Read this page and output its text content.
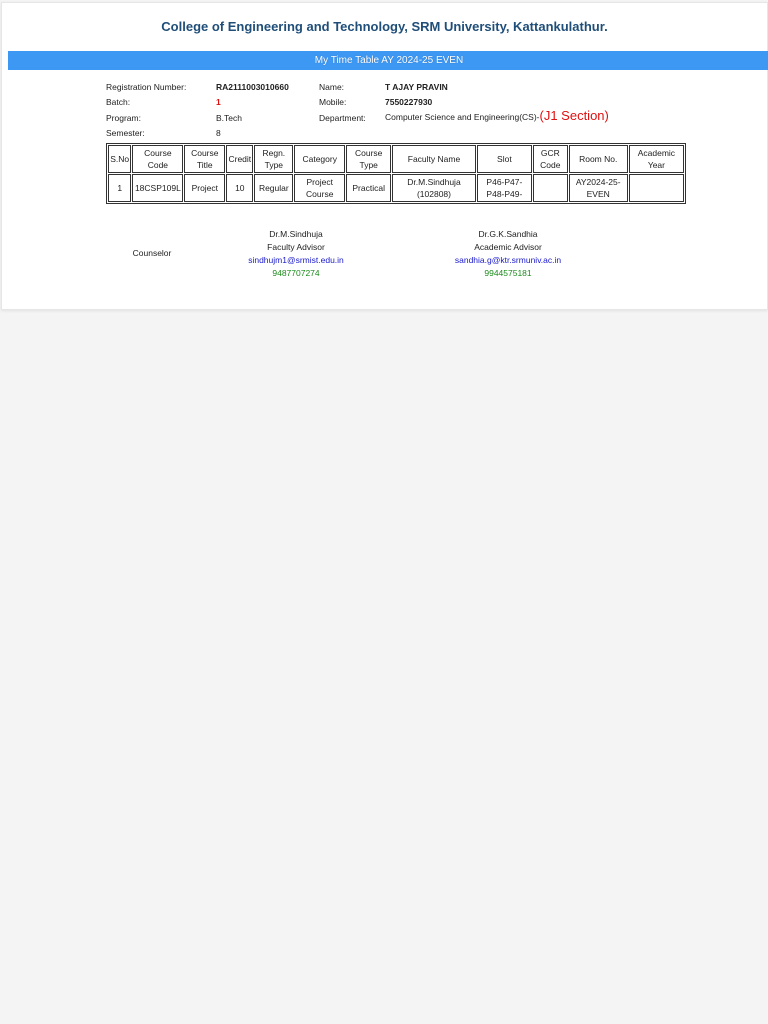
College of Engineering and Technology, SRM University, Kattankulathur.
My Time Table AY 2024-25 EVEN
Registration Number:	RA2111003010660
Batch:	1
Program:	B.Tech
Semester:	8
Name:	T AJAY PRAVIN
Mobile:	7550227930
Department: Computer Science and Engineering(CS)-(J1 Section)
S.No	Course Code	Course Title	Credit	Regn. Type	Category	Course Type	Faculty Name	Slot	GCR Code	Room No.	Academic Year
1	18CSP109L	Project	10	Regular	Project Course	Practical	Dr.M.Sindhuja (102808)	P46-P47-P48-P49-		AY2024-25-EVEN	
Counselor
Dr.M.Sindhuja
Faculty Advisor
sindhujm1@srmist.edu.in
9487707274
Dr.G.K.Sandhia
Academic Advisor
sandhia.g@ktr.srmuniv.ac.in
9944575181
